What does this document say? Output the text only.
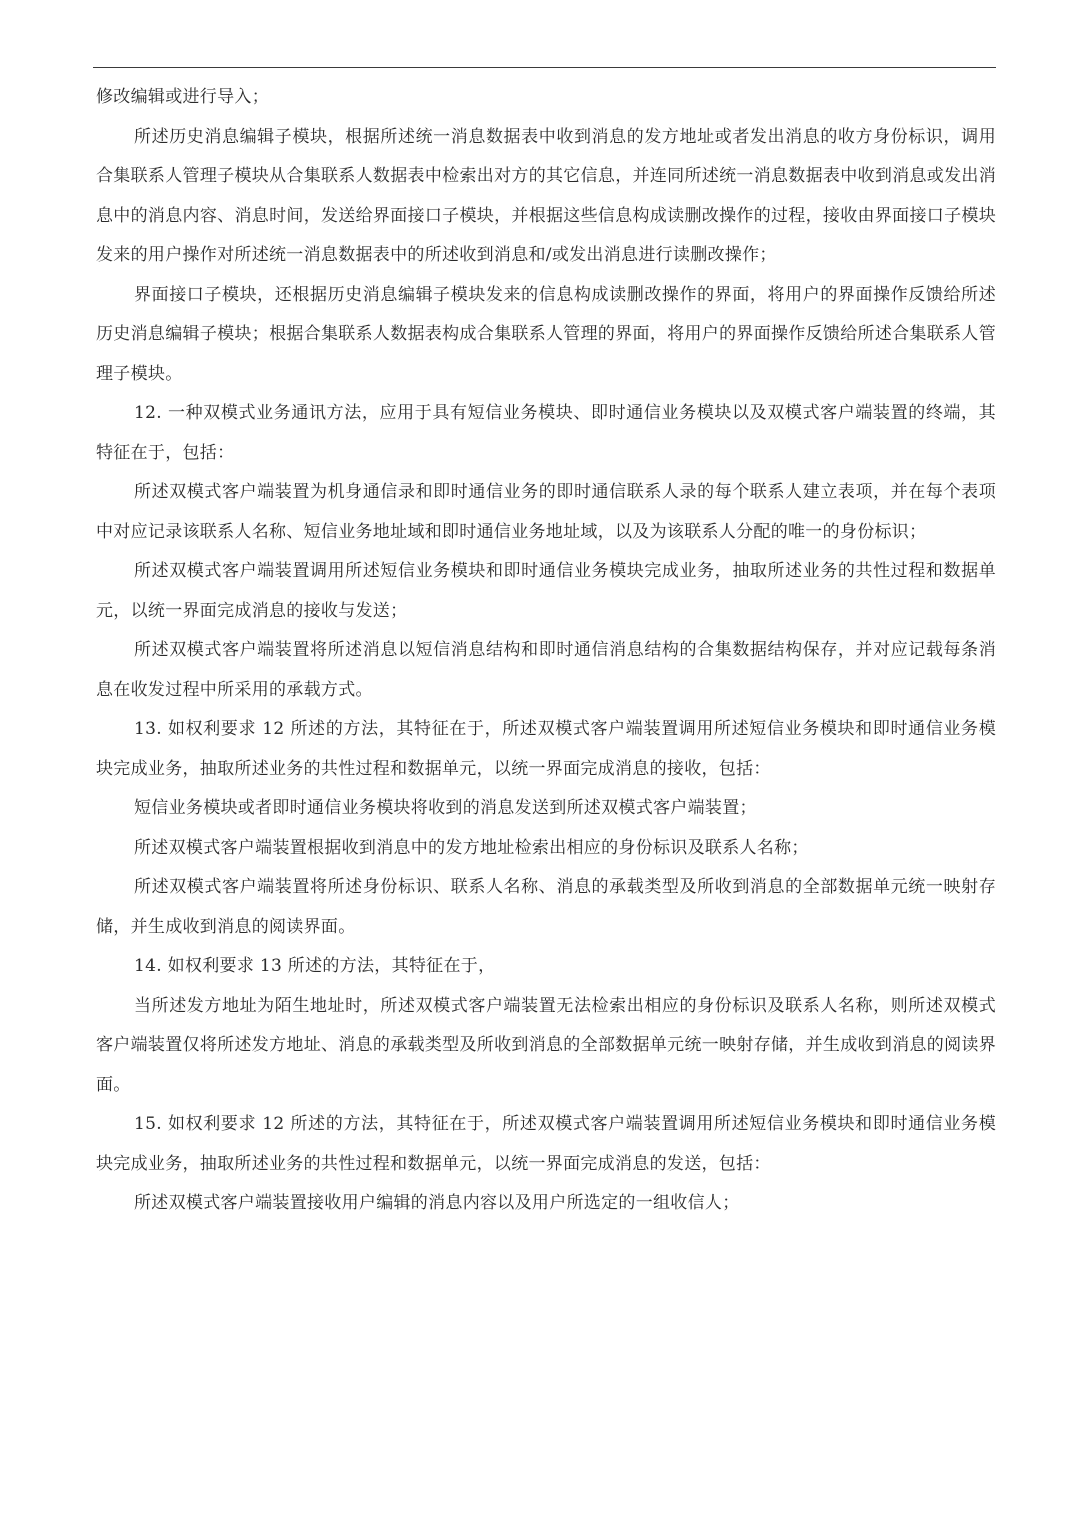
修改编辑或进行导入；

所述历史消息编辑子模块，根据所述统一消息数据表中收到消息的发方地址或者发出消息的收方身份标识，调用合集联系人管理子模块从合集联系人数据表中检索出对方的其它信息，并连同所述统一消息数据表中收到消息或发出消息中的消息内容、消息时间，发送给界面接口子模块，并根据这些信息构成读删改操作的过程，接收由界面接口子模块发来的用户操作对所述统一消息数据表中的所述收到消息和/或发出消息进行读删改操作；

界面接口子模块，还根据历史消息编辑子模块发来的信息构成读删改操作的界面，将用户的界面操作反馈给所述历史消息编辑子模块；根据合集联系人数据表构成合集联系人管理的界面，将用户的界面操作反馈给所述合集联系人管理子模块。

12. 一种双模式业务通讯方法，应用于具有短信业务模块、即时通信业务模块以及双模式客户端装置的终端，其特征在于，包括：

所述双模式客户端装置为机身通信录和即时通信业务的即时通信联系人录的每个联系人建立表项，并在每个表项中对应记录该联系人名称、短信业务地址域和即时通信业务地址域，以及为该联系人分配的唯一的身份标识；

所述双模式客户端装置调用所述短信业务模块和即时通信业务模块完成业务，抽取所述业务的共性过程和数据单元，以统一界面完成消息的接收与发送；

所述双模式客户端装置将所述消息以短信消息结构和即时通信消息结构的合集数据结构保存，并对应记载每条消息在收发过程中所采用的承载方式。

13. 如权利要求 12 所述的方法，其特征在于，所述双模式客户端装置调用所述短信业务模块和即时通信业务模块完成业务，抽取所述业务的共性过程和数据单元，以统一界面完成消息的接收，包括：

短信业务模块或者即时通信业务模块将收到的消息发送到所述双模式客户端装置；

所述双模式客户端装置根据收到消息中的发方地址检索出相应的身份标识及联系人名称；

所述双模式客户端装置将所述身份标识、联系人名称、消息的承载类型及所收到消息的全部数据单元统一映射存储，并生成收到消息的阅读界面。

14. 如权利要求 13 所述的方法，其特征在于，

当所述发方地址为陌生地址时，所述双模式客户端装置无法检索出相应的身份标识及联系人名称，则所述双模式客户端装置仅将所述发方地址、消息的承载类型及所收到消息的全部数据单元统一映射存储，并生成收到消息的阅读界面。

15. 如权利要求 12 所述的方法，其特征在于，所述双模式客户端装置调用所述短信业务模块和即时通信业务模块完成业务，抽取所述业务的共性过程和数据单元，以统一界面完成消息的发送，包括：

所述双模式客户端装置接收用户编辑的消息内容以及用户所选定的一组收信人；
